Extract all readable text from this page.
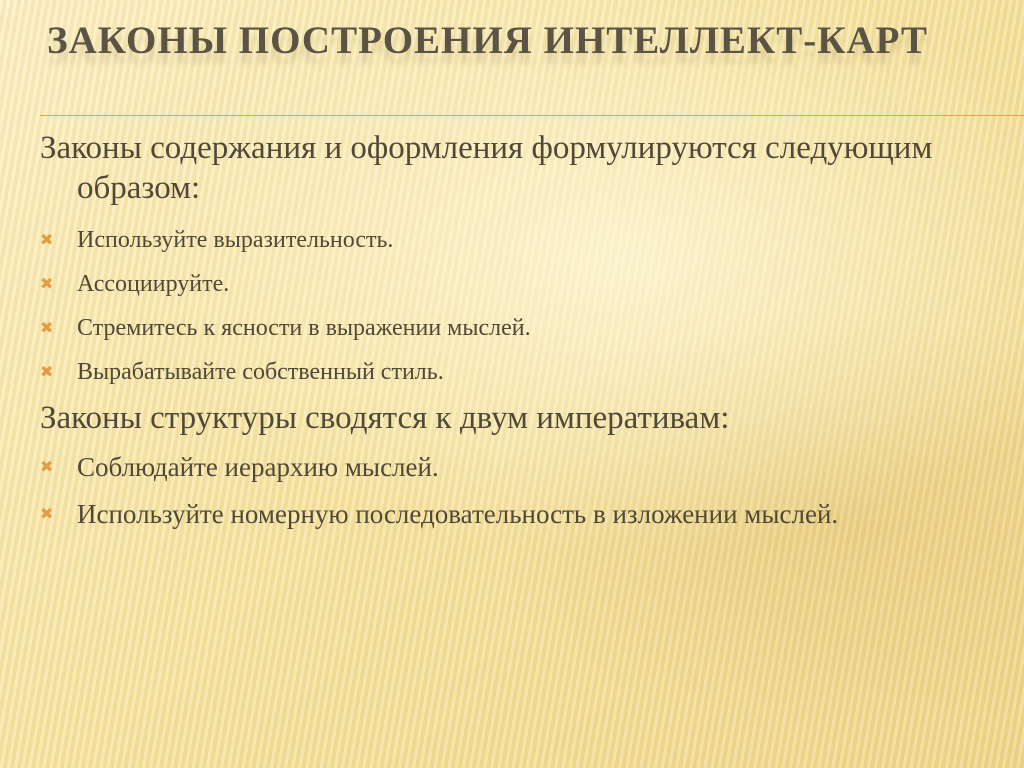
ЗАКОНЫ ПОСТРОЕНИЯ ИНТЕЛЛЕКТ-КАРТ
Законы содержания и оформления формулируются следующим образом:
✖ Используйте выразительность.
✖ Ассоциируйте.
✖ Стремитесь к ясности в выражении мыслей.
✖ Вырабатывайте собственный стиль.
Законы структуры сводятся к двум императивам:
✖ Соблюдайте иерархию мыслей.
✖ Используйте номерную последовательность в изложении мыслей.
